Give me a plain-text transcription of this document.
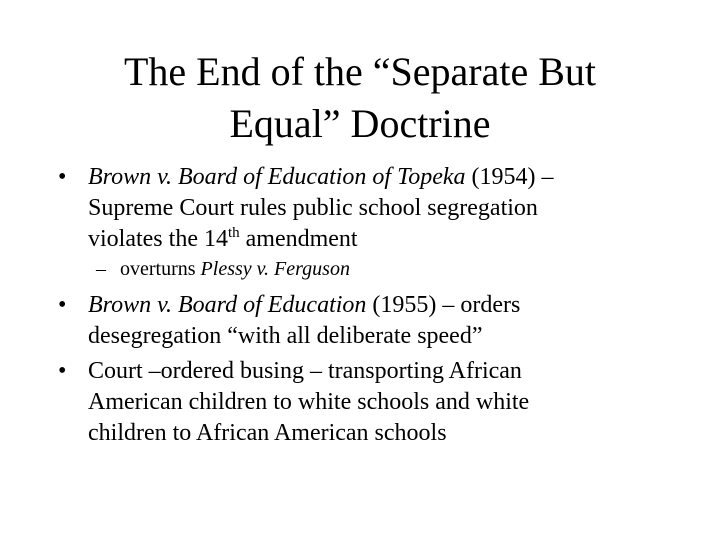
The End of the “Separate But
Equal” Doctrine
• Brown v. Board of Education of Topeka (1954) –
Supreme Court rules public school segregation
violates the 14th amendment
– overturns Plessy v. Ferguson
• Brown v. Board of Education (1955) – orders
desegregation “with all deliberate speed”
• Court –ordered busing – transporting African
American children to white schools and white
children to African American schools
